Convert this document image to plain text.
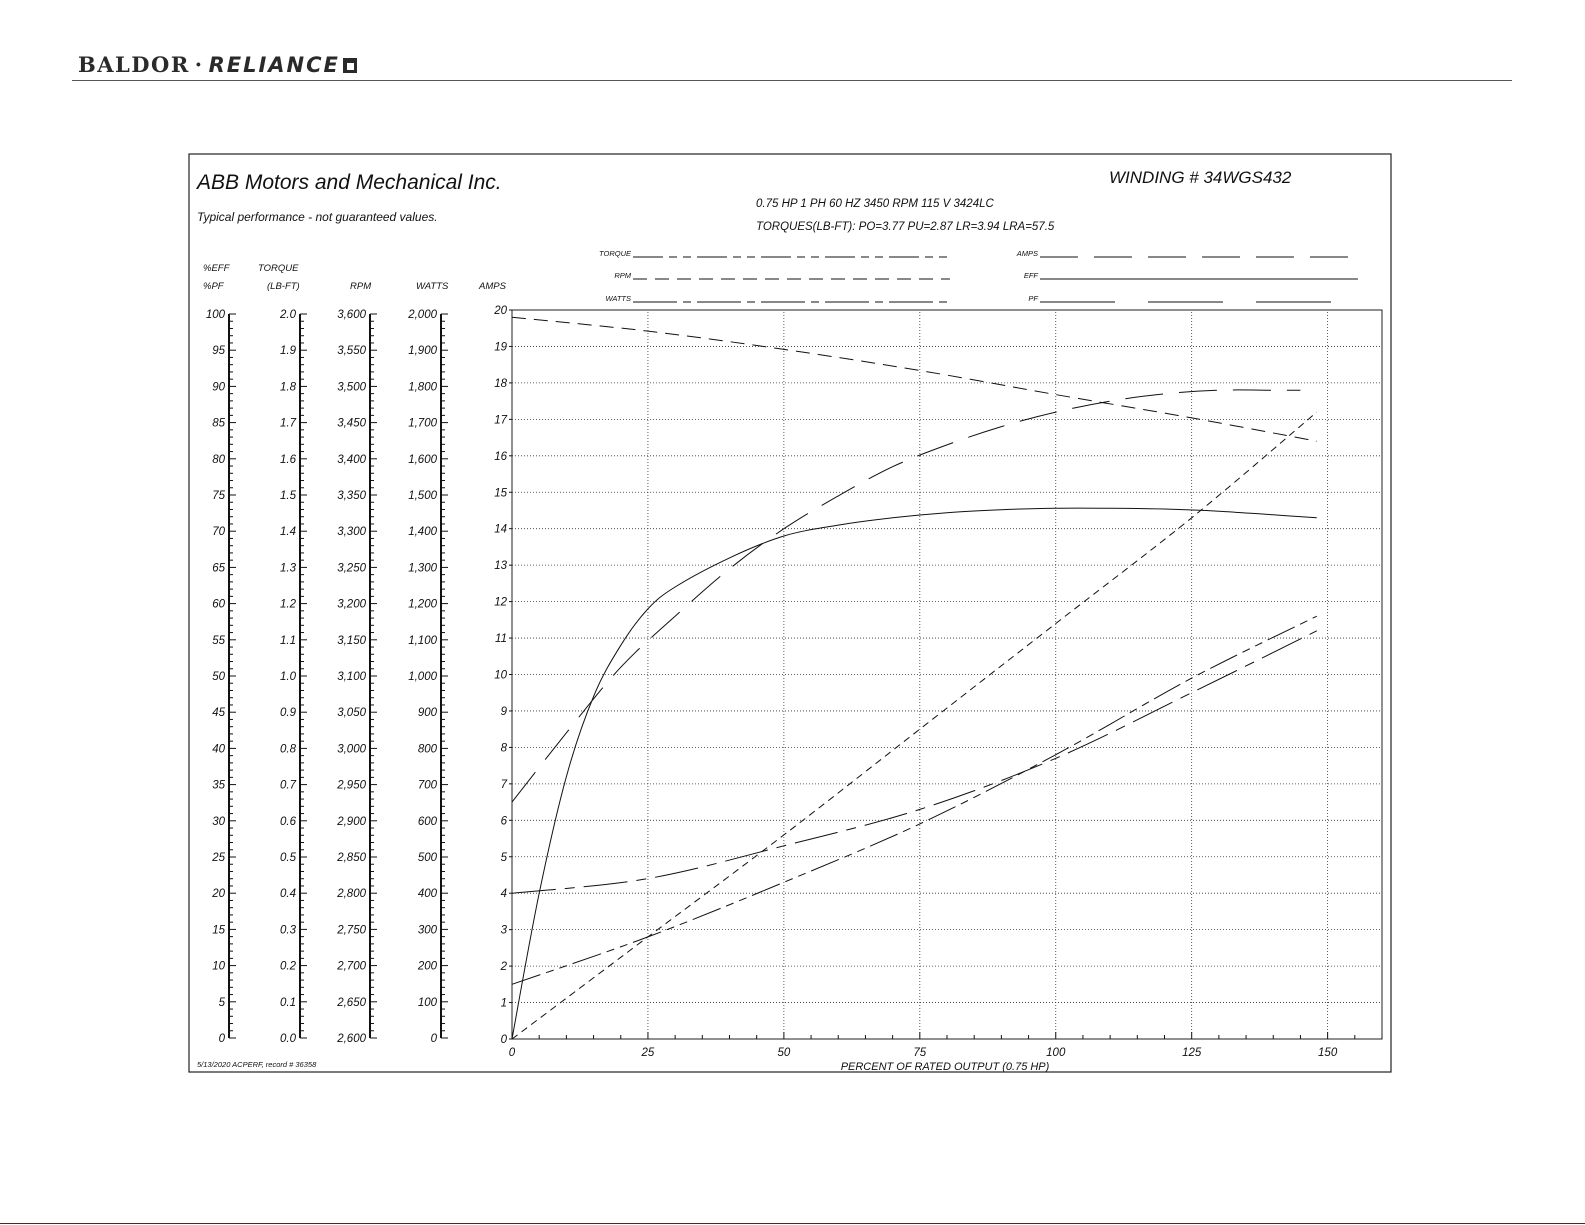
BALDOR · RELIANCE
ABB Motors and Mechanical Inc.
Typical performance - not guaranteed values.
WINDING # 34WGS432
0.75 HP 1 PH 60 HZ 3450 RPM 115 V 3424LC
TORQUES(LB-FT): PO=3.77 PU=2.87 LR=3.94 LRA=57.5
5/13/2020 ACPERF, record # 36358	PERCENT OF RATED OUTPUT (0.75 HP)
TORQUE
RPM
WATTS
AMPS
EFF
PF
%EFF
%PF
0
5
10
15
20
25
30
35
40
45
50
55
60
65
70
75
80
85
90
95
100
TORQUE
(LB-FT)
0.0
0.1
0.2
0.3
0.4
0.5
0.6
0.7
0.8
0.9
1.0
1.1
1.2
1.3
1.4
1.5
1.6
1.7
1.8
1.9
2.0
RPM
2,600
2,650
2,700
2,750
2,800
2,850
2,900
2,950
3,000
3,050
3,100
3,150
3,200
3,250
3,300
3,350
3,400
3,450
3,500
3,550
3,600
WATTS
0
100
200
300
400
500
600
700
800
900
1,000
1,100
1,200
1,300
1,400
1,500
1,600
1,700
1,800
1,900
2,000
AMPS
0
1
2
3
4
5
6
7
8
9
10
11
12
13
14
15
16
17
18
19
20
0	25	50	75	100	125	150
